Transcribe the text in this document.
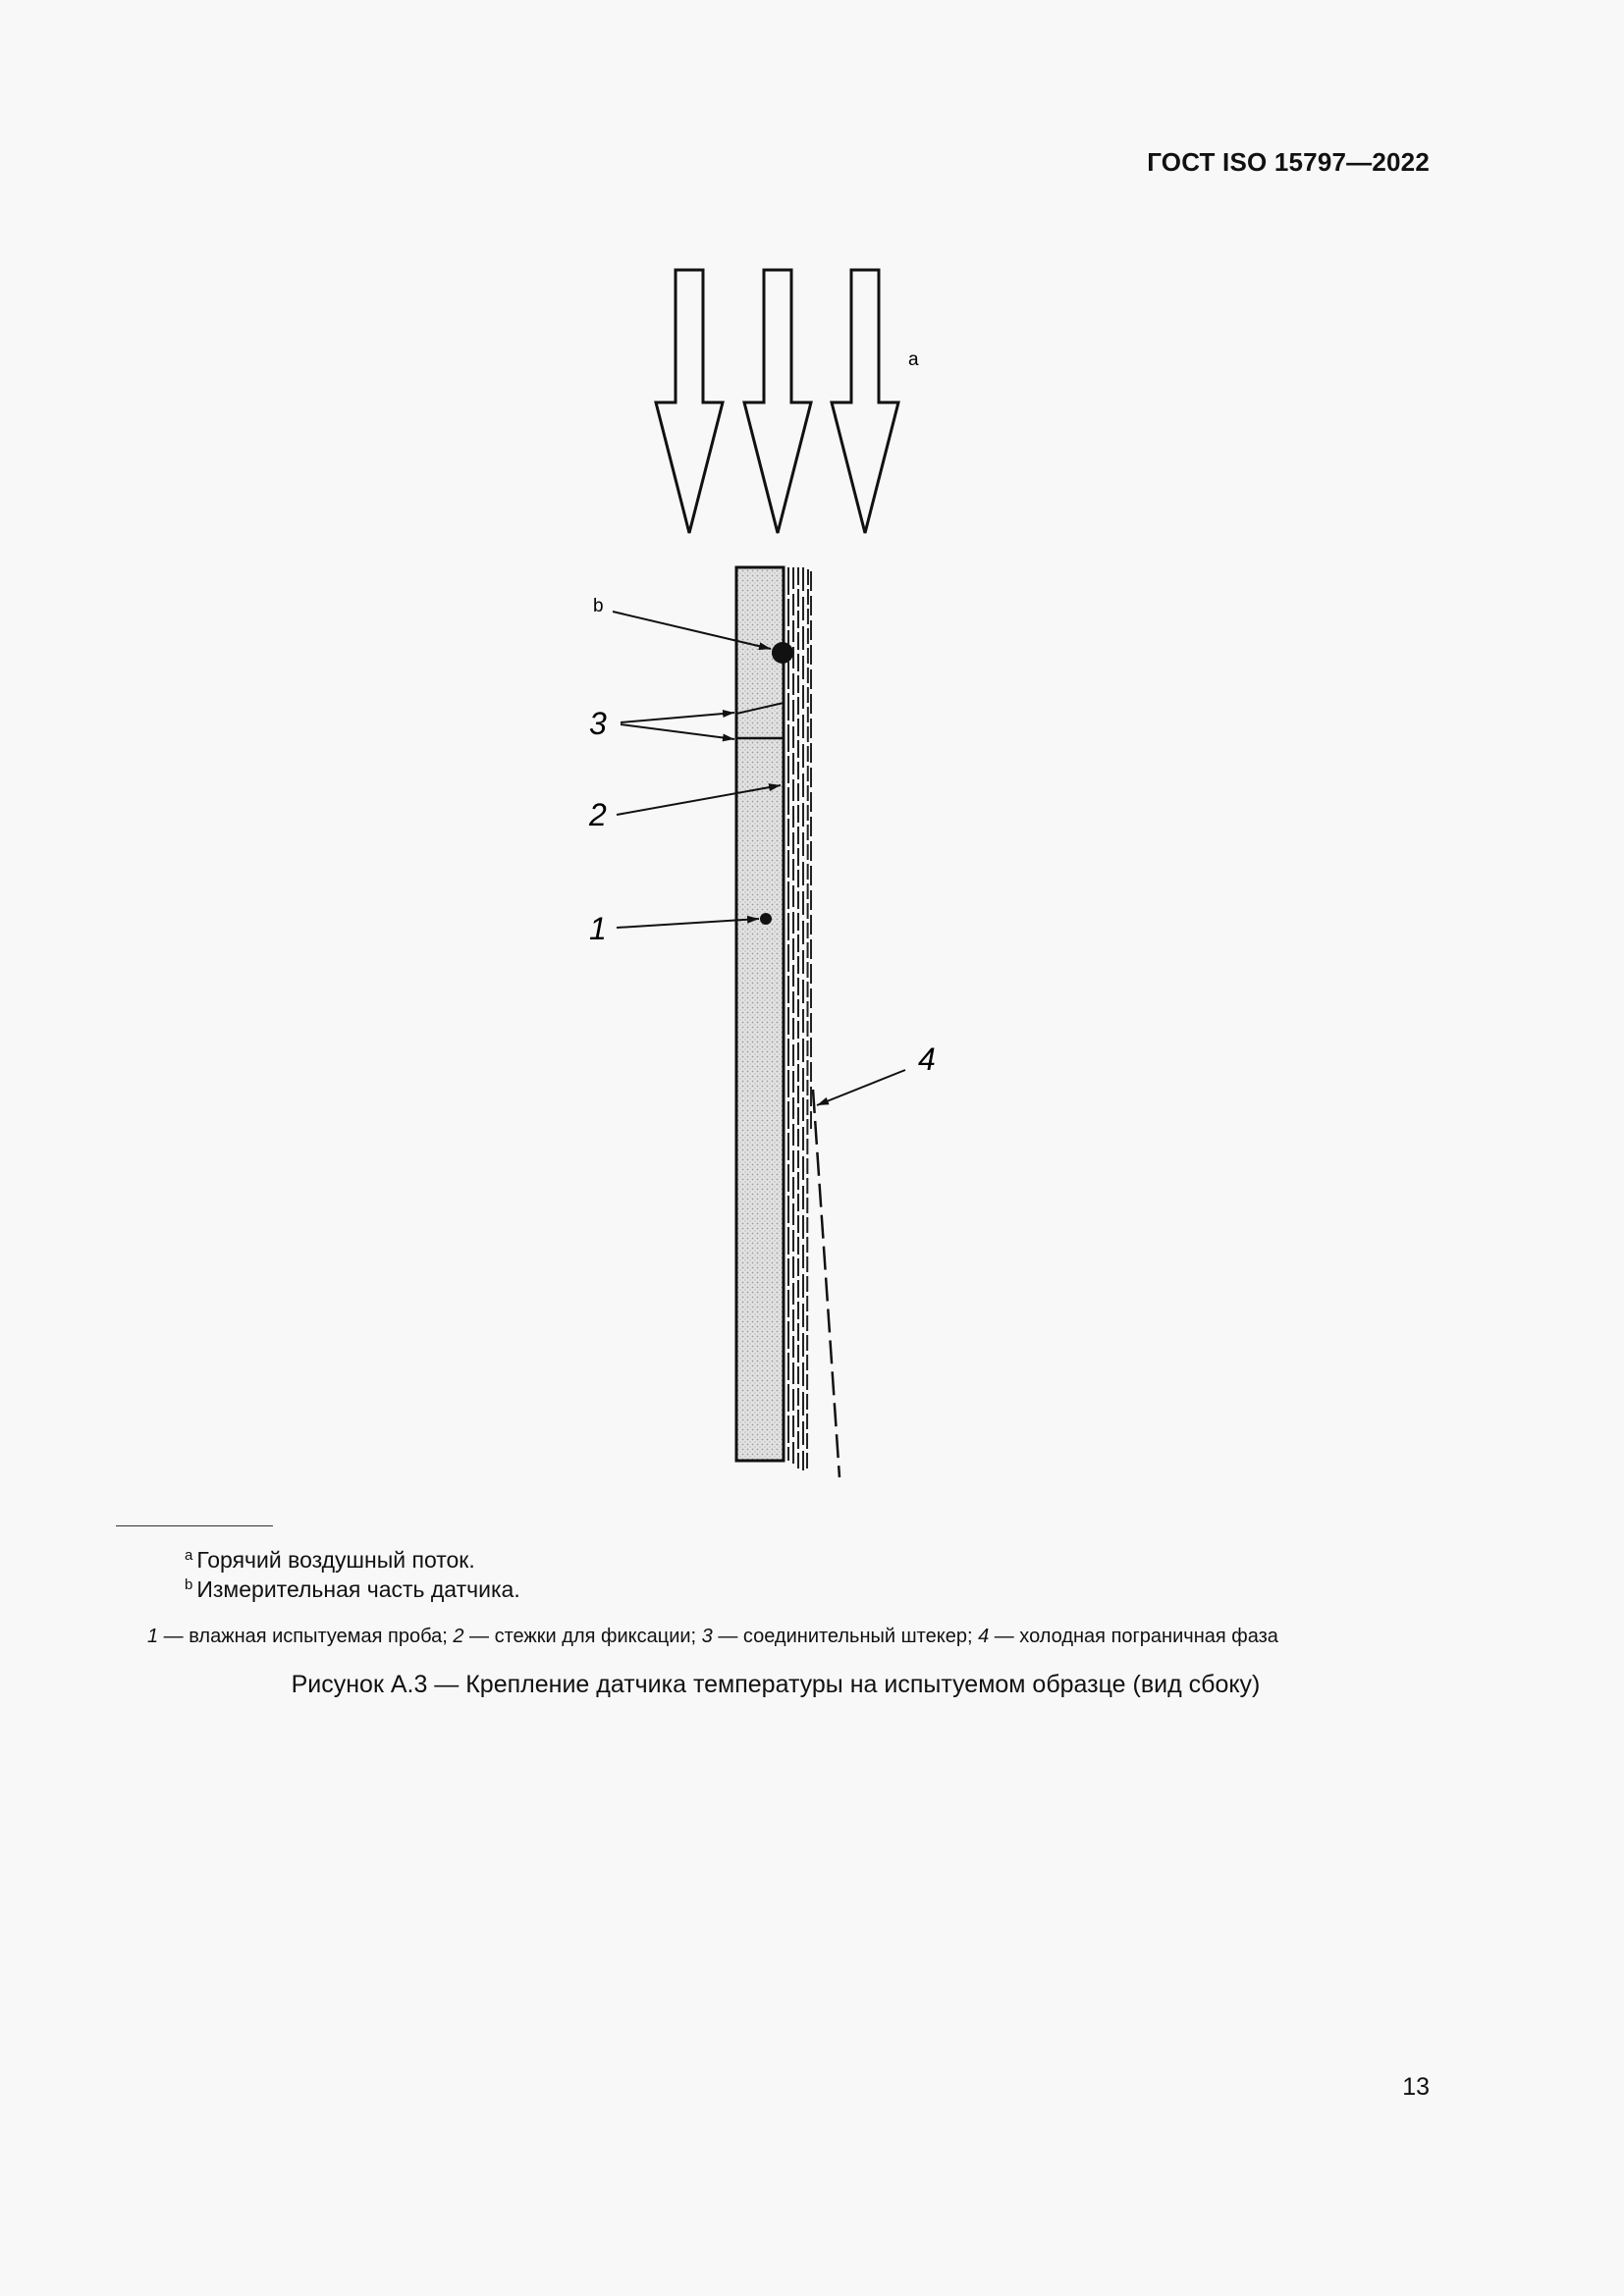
ГОСТ ISO 15797—2022
a
b
3
2
1
4
$^a$ Горячий воздушный поток.
$^b$ Измерительная часть датчика.
1 — влажная испытуемая проба; 2 — стежки для фиксации; 3 — соединительный штекер; 4 — холодная пограничная фаза
Рисунок А.3 — Крепление датчика температуры на испытуемом образце (вид сбоку)
13
